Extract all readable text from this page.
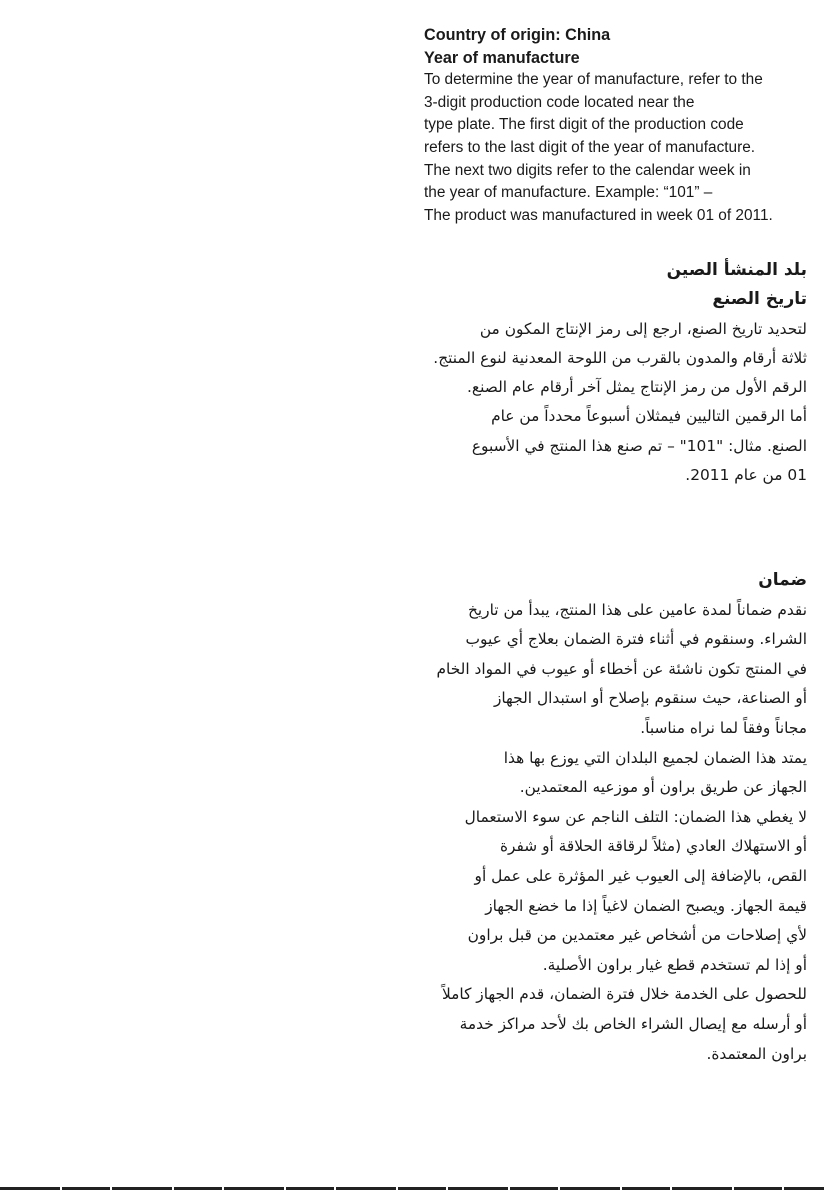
Country of origin: China
Year of manufacture
To determine the year of manufacture, refer to the
3-digit production code located near the
type plate. The first digit of the production code
refers to the last digit of the year of manufacture.
The next two digits refer to the calendar week in
the year of manufacture. Example: “101” –
The product was manufactured in week 01 of 2011.
بلد المنشأ الصين
تاريخ الصنع
لتحديد تاريخ الصنع، ارجع إلى رمز الإنتاج المكون من
ثلاثة أرقام والمدون بالقرب من اللوحة المعدنية لنوع المنتج.
الرقم الأول من رمز الإنتاج يمثل آخر أرقام عام الصنع.
أما الرقمين التاليين فيمثلان أسبوعاً محدداً من عام
الصنع. مثال: "101" – تم صنع هذا المنتج في الأسبوع
01 من عام 2011.
ضمان
نقدم ضماناً لمدة عامين على هذا المنتج، يبدأ من تاريخ
الشراء. وسنقوم في أثناء فترة الضمان بعلاج أي عيوب
في المنتج تكون ناشئة عن أخطاء أو عيوب في المواد الخام
أو الصناعة، حيث سنقوم بإصلاح أو استبدال الجهاز
مجاناً وفقاً لما نراه مناسباً.
يمتد هذا الضمان لجميع البلدان التي يوزع بها هذا
الجهاز عن طريق براون أو موزعيه المعتمدين.
لا يغطي هذا الضمان: التلف الناجم عن سوء الاستعمال
أو الاستهلاك العادي (مثلاً لرقاقة الحلاقة أو شفرة
القص، بالإضافة إلى العيوب غير المؤثرة على عمل أو
قيمة الجهاز. ويصبح الضمان لاغياً إذا ما خضع الجهاز
لأي إصلاحات من أشخاص غير معتمدين من قبل براون
أو إذا لم تستخدم قطع غيار براون الأصلية.
للحصول على الخدمة خلال فترة الضمان، قدم الجهاز كاملاً
أو أرسله مع إيصال الشراء الخاص بك لأحد مراكز خدمة
براون المعتمدة.
